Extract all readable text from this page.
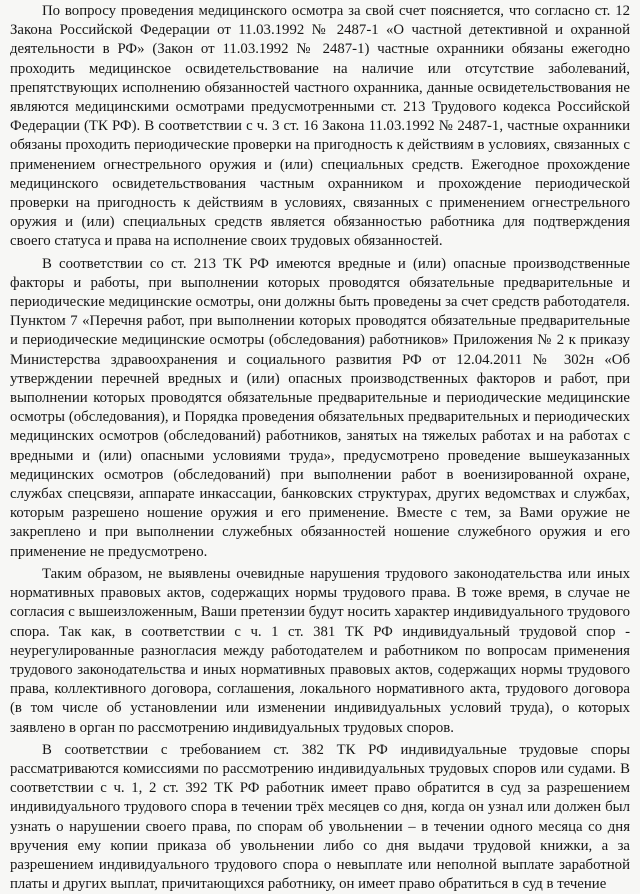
По вопросу проведения медицинского осмотра за свой счет поясняется, что согласно ст. 12 Закона Российской Федерации от 11.03.1992 № 2487-1 «О частной детективной и охранной деятельности в РФ» (Закон от 11.03.1992 № 2487-1) частные охранники обязаны ежегодно проходить медицинское освидетельствование на наличие или отсутствие заболеваний, препятствующих исполнению обязанностей частного охранника, данные освидетельствования не являются медицинскими осмотрами предусмотренными ст. 213 Трудового кодекса Российской Федерации (ТК РФ). В соответствии с ч. 3 ст. 16 Закона 11.03.1992 № 2487-1, частные охранники обязаны проходить периодические проверки на пригодность к действиям в условиях, связанных с применением огнестрельного оружия и (или) специальных средств. Ежегодное прохождение медицинского освидетельствования частным охранником и прохождение периодической проверки на пригодность к действиям в условиях, связанных с применением огнестрельного оружия и (или) специальных средств является обязанностью работника для подтверждения своего статуса и права на исполнение своих трудовых обязанностей.

В соответствии со ст. 213 ТК РФ имеются вредные и (или) опасные производственные факторы и работы, при выполнении которых проводятся обязательные предварительные и периодические медицинские осмотры, они должны быть проведены за счет средств работодателя. Пунктом 7 «Перечня работ, при выполнении которых проводятся обязательные предварительные и периодические медицинские осмотры (обследования) работников» Приложения № 2 к приказу Министерства здравоохранения и социального развития РФ от 12.04.2011 № 302н «Об утверждении перечней вредных и (или) опасных производственных факторов и работ, при выполнении которых проводятся обязательные предварительные и периодические медицинские осмотры (обследования), и Порядка проведения обязательных предварительных и периодических медицинских осмотров (обследований) работников, занятых на тяжелых работах и на работах с вредными и (или) опасными условиями труда», предусмотрено проведение вышеуказанных медицинских осмотров (обследований) при выполнении работ в военизированной охране, службах спецсвязи, аппарате инкассации, банковских структурах, других ведомствах и службах, которым разрешено ношение оружия и его применение. Вместе с тем, за Вами оружие не закреплено и при выполнении служебных обязанностей ношение служебного оружия и его применение не предусмотрено.

Таким образом, не выявлены очевидные нарушения трудового законодательства или иных нормативных правовых актов, содержащих нормы трудового права. В тоже время, в случае не согласия с вышеизложенным, Ваши претензии будут носить характер индивидуального трудового спора. Так как, в соответствии с ч. 1 ст. 381 ТК РФ индивидуальный трудовой спор - неурегулированные разногласия между работодателем и работником по вопросам применения трудового законодательства и иных нормативных правовых актов, содержащих нормы трудового права, коллективного договора, соглашения, локального нормативного акта, трудового договора (в том числе об установлении или изменении индивидуальных условий труда), о которых заявлено в орган по рассмотрению индивидуальных трудовых споров.

В соответствии с требованием ст. 382 ТК РФ индивидуальные трудовые споры рассматриваются комиссиями по рассмотрению индивидуальных трудовых споров или судами. В соответствии с ч. 1, 2 ст. 392 ТК РФ работник имеет право обратится в суд за разрешением индивидуального трудового спора в течении трёх месяцев со дня, когда он узнал или должен был узнать о нарушении своего права, по спорам об увольнении – в течении одного месяца со дня вручения ему копии приказа об увольнении либо со дня выдачи трудовой книжки, а за разрешением индивидуального трудового спора о невыплате или неполной выплате заработной платы и других выплат, причитающихся работнику, он имеет право обратиться в суд в течение
